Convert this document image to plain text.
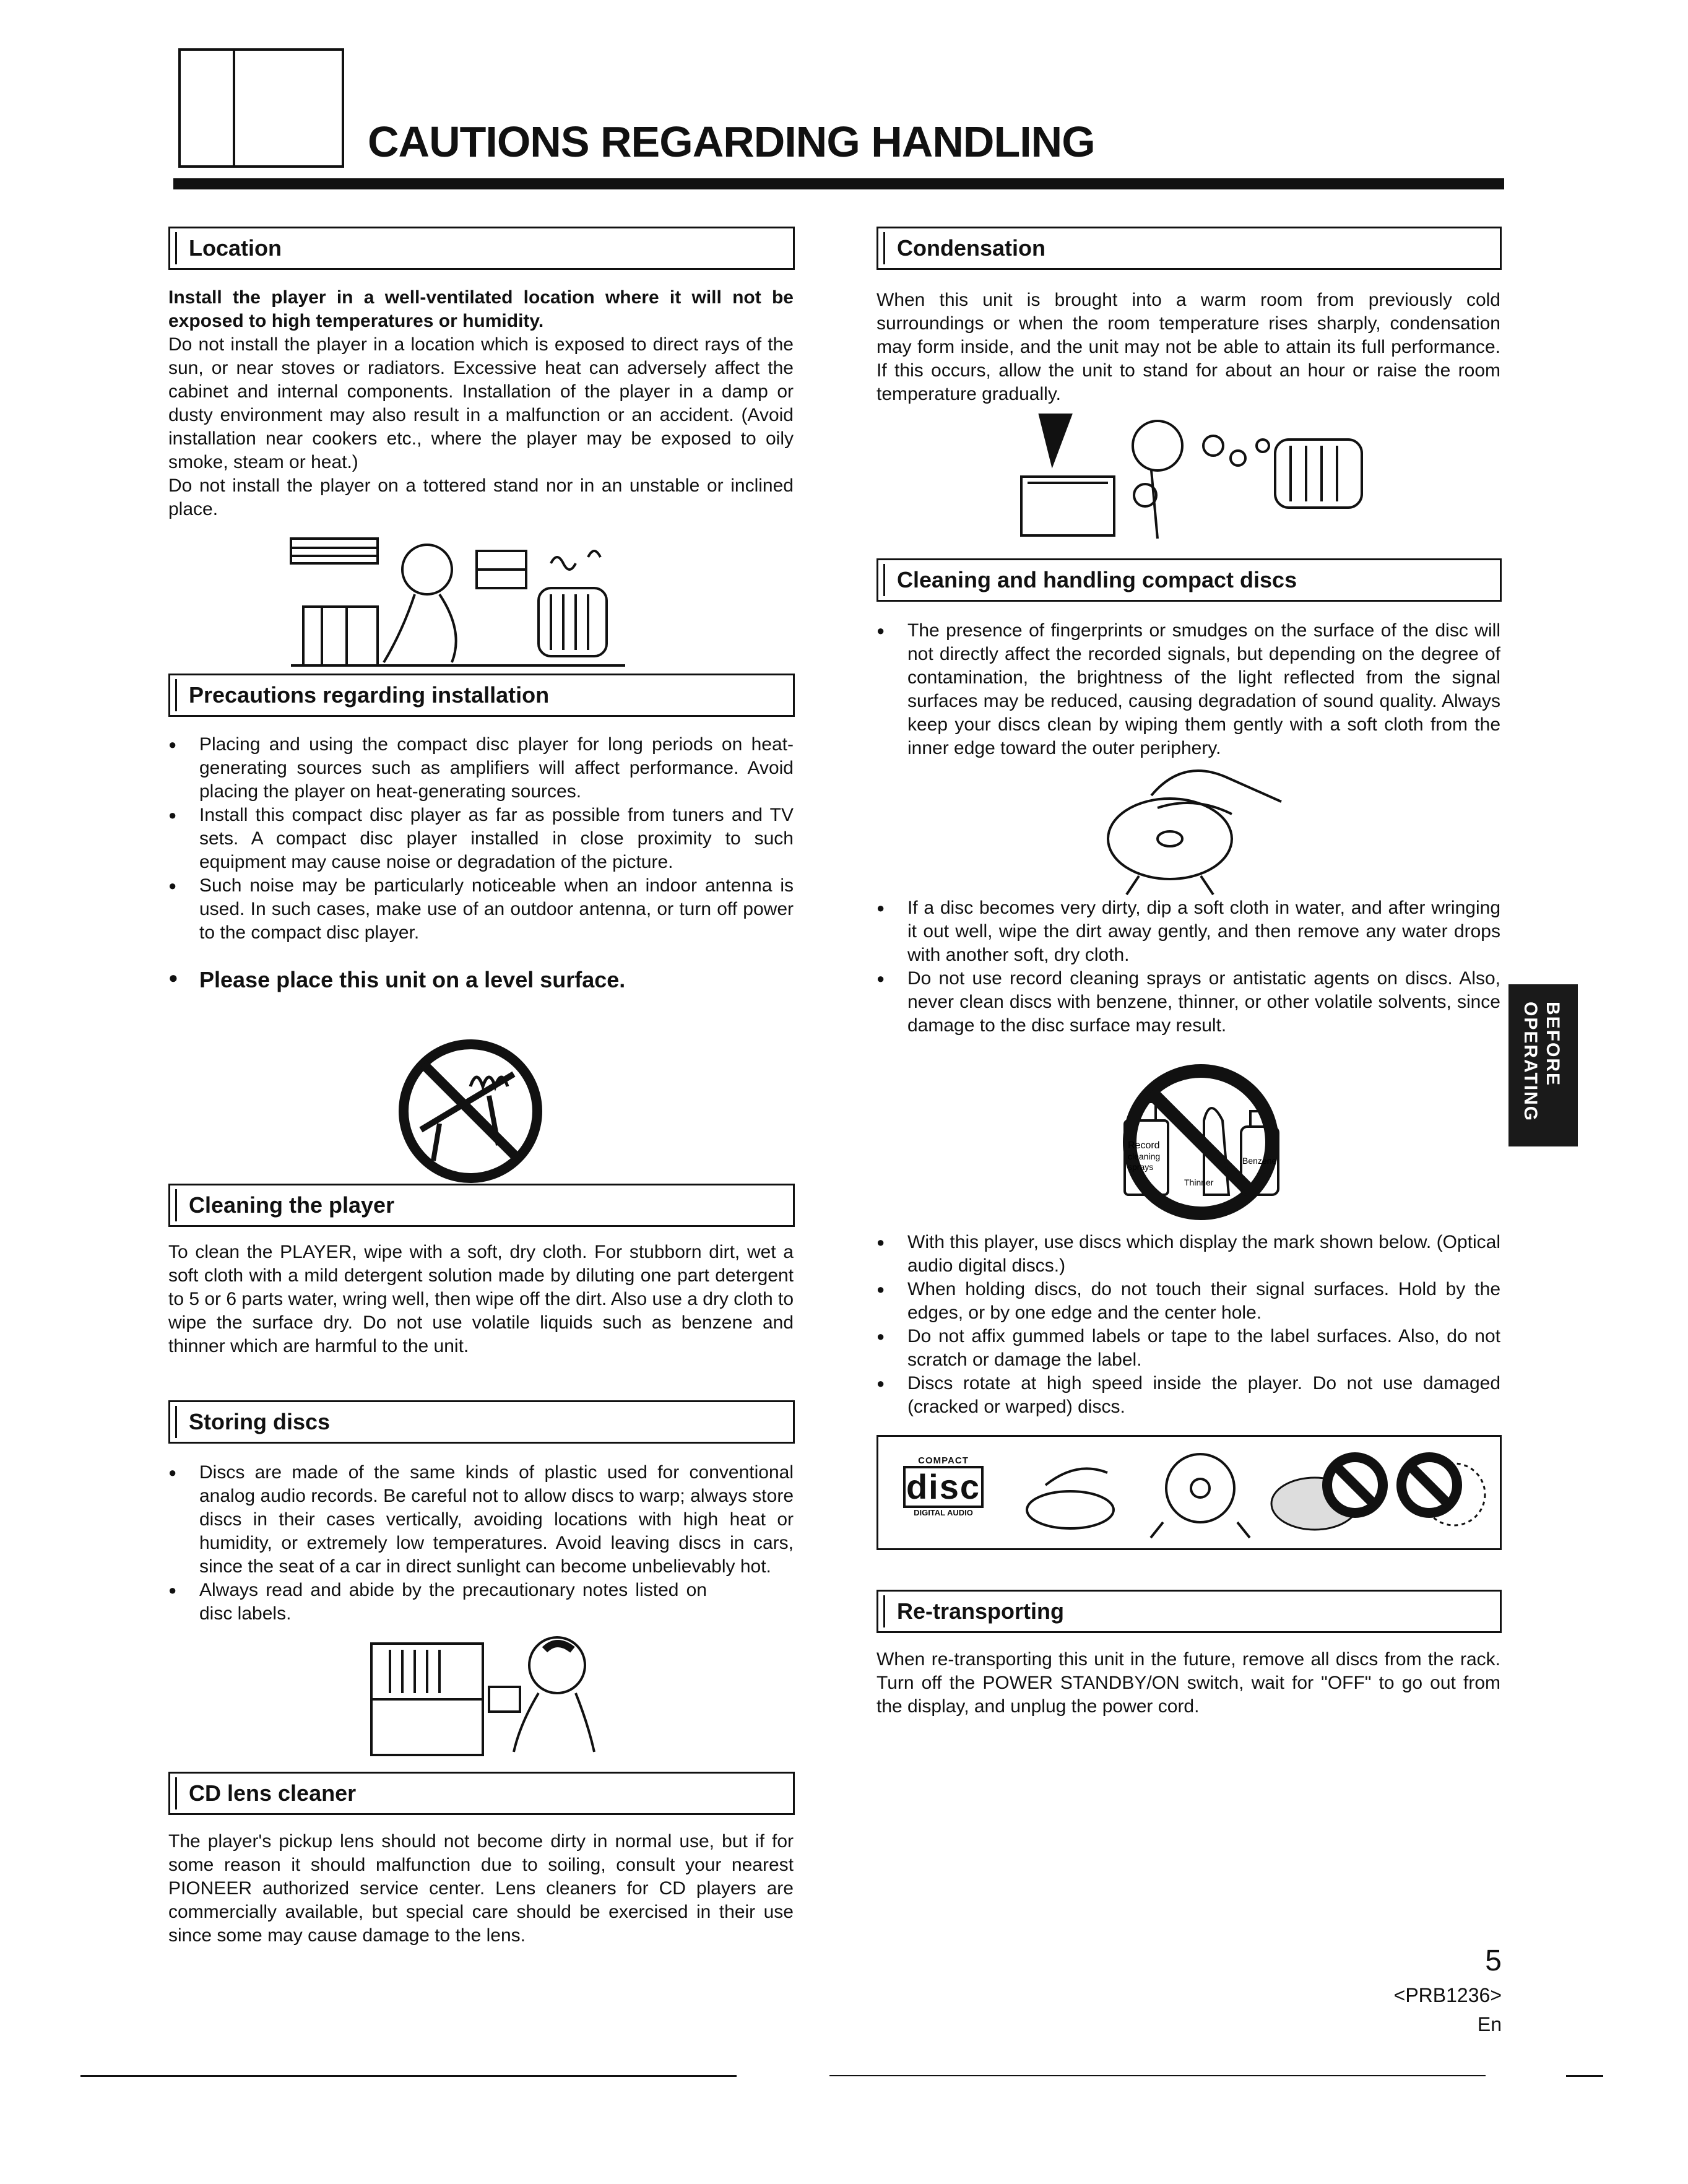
CAUTIONS REGARDING HANDLING
Location
Install the player in a well-ventilated location where it will not be exposed to high temperatures or humidity.
Do not install the player in a location which is exposed to direct rays of the sun, or near stoves or radiators. Excessive heat can adversely affect the cabinet and internal components. Installation of the player in a damp or dusty environment may also result in a malfunction or an accident. (Avoid installation near cookers etc., where the player may be exposed to oily smoke, steam or heat.)
Do not install the player on a tottered stand nor in an unstable or inclined place.
Precautions regarding installation
● Placing and using the compact disc player for long periods on heat-generating sources such as amplifiers will affect performance. Avoid placing the player on heat-generating sources.
● Install this compact disc player as far as possible from tuners and TV sets. A compact disc player installed in close proximity to such equipment may cause noise or degradation of the picture.
● Such noise may be particularly noticeable when an indoor antenna is used. In such cases, make use of an outdoor antenna, or turn off power to the compact disc player.
● Please place this unit on a level surface.
Cleaning the player
To clean the PLAYER, wipe with a soft, dry cloth. For stubborn dirt, wet a soft cloth with a mild detergent solution made by diluting one part detergent to 5 or 6 parts water, wring well, then wipe off the dirt. Also use a dry cloth to wipe the surface dry. Do not use volatile liquids such as benzene and thinner which are harmful to the unit.
Storing discs
● Discs are made of the same kinds of plastic used for conventional analog audio records. Be careful not to allow discs to warp; always store discs in their cases vertically, avoiding locations with high heat or humidity, or extremely low temperatures. Avoid leaving discs in cars, since the seat of a car in direct sunlight can become unbelievably hot.
● Always read and abide by the precautionary notes listed on disc labels.
CD lens cleaner
The player's pickup lens should not become dirty in normal use, but if for some reason it should malfunction due to soiling, consult your nearest PIONEER authorized service center. Lens cleaners for CD players are commercially available, but special care should be exercised in their use since some may cause damage to the lens.
Condensation
When this unit is brought into a warm room from previously cold surroundings or when the room temperature rises sharply, condensation may form inside, and the unit may not be able to attain its full performance. If this occurs, allow the unit to stand for about an hour or raise the room temperature gradually.
Cleaning and handling compact discs
● The presence of fingerprints or smudges on the surface of the disc will not directly affect the recorded signals, but depending on the degree of contamination, the brightness of the light reflected from the signal surfaces may be reduced, causing degradation of sound quality. Always keep your discs clean by wiping them gently with a soft cloth from the inner edge toward the outer periphery.
● If a disc becomes very dirty, dip a soft cloth in water, and after wringing it out well, wipe the dirt away gently, and then remove any water drops with another soft, dry cloth.
● Do not use record cleaning sprays or antistatic agents on discs. Also, never clean discs with benzene, thinner, or other volatile solvents, since damage to the disc surface may result.
Record
cleaning
sprays
Thinner
Benzene
● With this player, use discs which display the mark shown below. (Optical audio digital discs.)
● When holding discs, do not touch their signal surfaces. Hold by the edges, or by one edge and the center hole.
● Do not affix gummed labels or tape to the label surfaces. Also, do not scratch or damage the label.
● Discs rotate at high speed inside the player. Do not use damaged (cracked or warped) discs.
COMPACT
disc
DIGITAL AUDIO
Re-transporting
When re-transporting this unit in the future, remove all discs from the rack. Turn off the POWER STANDBY/ON switch, wait for "OFF" to go out from the display, and unplug the power cord.
BEFORE
OPERATING
5
<PRB1236>
En
